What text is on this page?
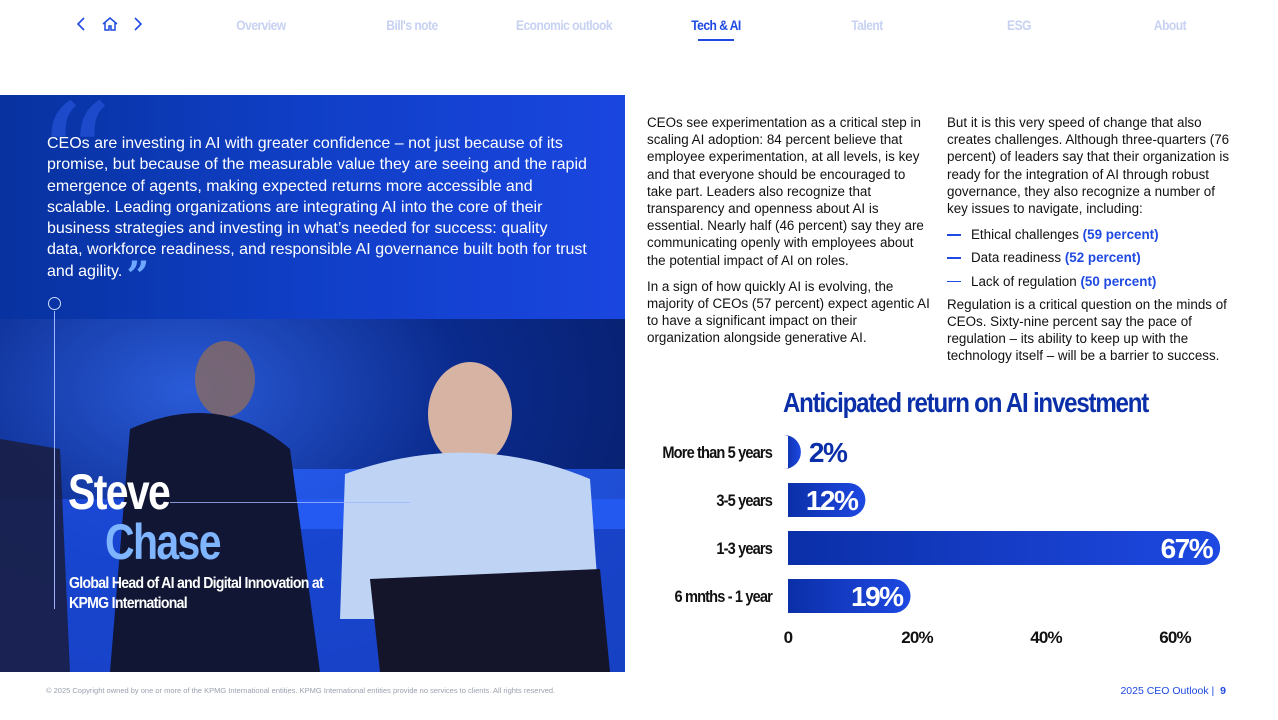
Overview	Bill's note	Economic outlook	Tech & AI	Talent	ESG	About
“
CEOs are investing in AI with greater confidence – not just because of its promise, but because of the measurable value they are seeing and the rapid emergence of agents, making expected returns more accessible and scalable. Leading organizations are integrating AI into the core of their business strategies and investing in what’s needed for success: quality data, workforce readiness, and responsible AI governance built both for trust and agility. ”
Steve
Chase
Global Head of AI and Digital Innovation at KPMG International

CEOs see experimentation as a critical step in scaling AI adoption: 84 percent believe that employee experimentation, at all levels, is key and that everyone should be encouraged to take part. Leaders also recognize that transparency and openness about AI is essential. Nearly half (46 percent) say they are communicating openly with employees about the potential impact of AI on roles.

In a sign of how quickly AI is evolving, the majority of CEOs (57 percent) expect agentic AI to have a significant impact on their organization alongside generative AI.

But it is this very speed of change that also creates challenges. Although three-quarters (76 percent) of leaders say that their organization is ready for the integration of AI through robust governance, they also recognize a number of key issues to navigate, including:

Ethical challenges (59 percent)
Data readiness (52 percent)
Lack of regulation (50 percent)

Regulation is a critical question on the minds of CEOs. Sixty-nine percent say the pace of regulation – its ability to keep up with the technology itself – will be a barrier to success.

Anticipated return on AI investment
More than 5 years 2%
3-5 years 12%
1-3 years	67%
6 mnths - 1 year	19%
0	20%	40%	60%
© 2025 Copyright owned by one or more of the KPMG International entities. KPMG International entities provide no services to clients. All rights reserved.	2025 CEO Outlook | 9
